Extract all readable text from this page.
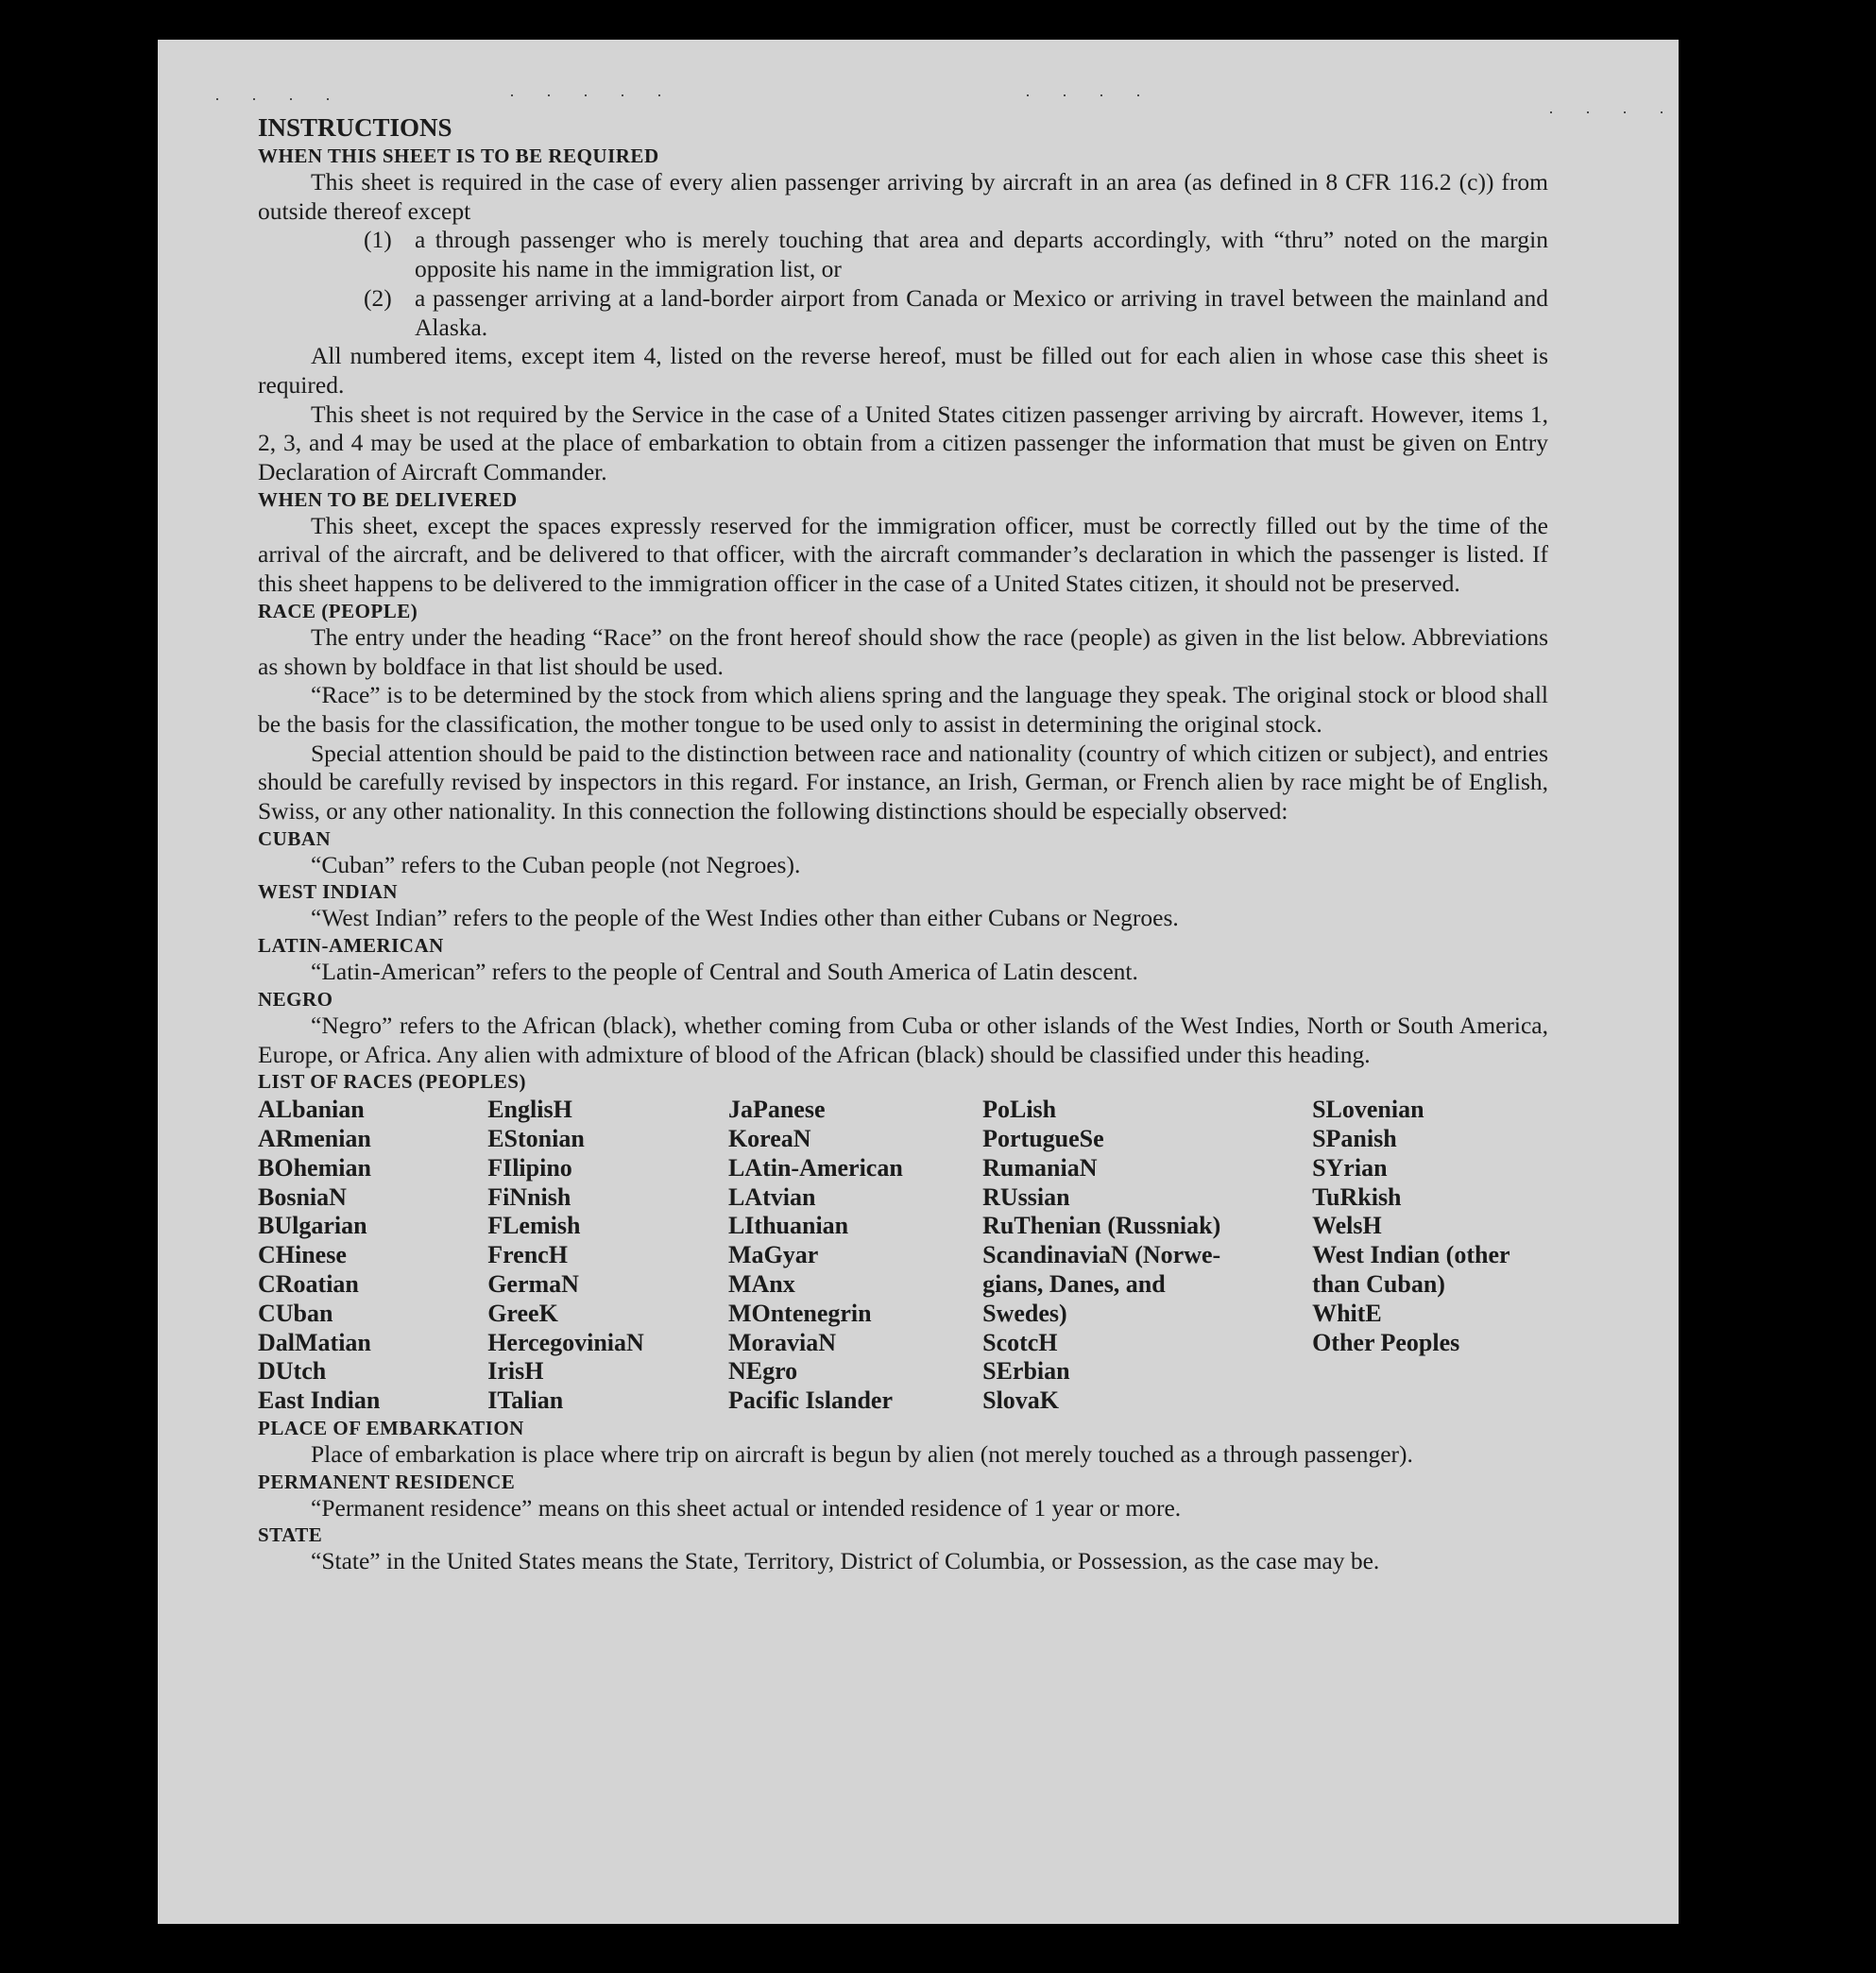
· · · ·	· · · · ·	· · · ·
· · · ·

INSTRUCTIONS

WHEN THIS SHEET IS TO BE REQUIRED

This sheet is required in the case of every alien passenger arriving by aircraft in an area (as defined in 8 CFR 116.2 (c)) from outside thereof except

(1) a through passenger who is merely touching that area and departs accordingly, with “thru” noted on the margin opposite his name in the immigration list, or
(2) a passenger arriving at a land-border airport from Canada or Mexico or arriving in travel between the mainland and Alaska.

All numbered items, except item 4, listed on the reverse hereof, must be filled out for each alien in whose case this sheet is required.

This sheet is not required by the Service in the case of a United States citizen passenger arriving by aircraft. However, items 1, 2, 3, and 4 may be used at the place of embarkation to obtain from a citizen passenger the information that must be given on Entry Declaration of Aircraft Commander.

WHEN TO BE DELIVERED

This sheet, except the spaces expressly reserved for the immigration officer, must be correctly filled out by the time of the arrival of the aircraft, and be delivered to that officer, with the aircraft commander’s declaration in which the passenger is listed. If this sheet happens to be delivered to the immigration officer in the case of a United States citizen, it should not be preserved.

RACE (PEOPLE)

The entry under the heading “Race” on the front hereof should show the race (people) as given in the list below. Abbreviations as shown by boldface in that list should be used.

“Race” is to be determined by the stock from which aliens spring and the language they speak. The original stock or blood shall be the basis for the classification, the mother tongue to be used only to assist in determining the original stock.

Special attention should be paid to the distinction between race and nationality (country of which citizen or subject), and entries should be carefully revised by inspectors in this regard. For instance, an Irish, German, or French alien by race might be of English, Swiss, or any other nationality. In this connection the following distinctions should be especially observed:

CUBAN

“Cuban” refers to the Cuban people (not Negroes).

WEST INDIAN

“West Indian” refers to the people of the West Indies other than either Cubans or Negroes.

LATIN-AMERICAN

“Latin-American” refers to the people of Central and South America of Latin descent.

NEGRO

“Negro” refers to the African (black), whether coming from Cuba or other islands of the West Indies, North or South America, Europe, or Africa. Any alien with admixture of blood of the African (black) should be classified under this heading.

LIST OF RACES (PEOPLES)

ALbanian
ARmenian
BOhemian
BosniaN
BUlgarian
CHinese
CRoatian
CUban
DalMatian
DUtch
East Indian
EnglisH
EStonian
FIlipino
FiNnish
FLemish
FrencH
GermaN
GreeK
HercegoviniaN
IrisH
ITalian
JaPanese
KoreaN
LAtin-American
LAtvian
LIthuanian
MaGyar
MAnx
MOntenegrin
MoraviaN
NEgro
Pacific Islander
PoLish
PortugueSe
RumaniaN
RUssian
RuThenian (Russniak)
ScandinaviaN (Norwe-
gians, Danes, and
Swedes)
ScotcH
SErbian
SlovaK
SLovenian
SPanish
SYrian
TuRkish
WelsH
West Indian (other
than Cuban)
WhitE
Other Peoples

PLACE OF EMBARKATION

Place of embarkation is place where trip on aircraft is begun by alien (not merely touched as a through passenger).

PERMANENT RESIDENCE

“Permanent residence” means on this sheet actual or intended residence of 1 year or more.

STATE

“State” in the United States means the State, Territory, District of Columbia, or Possession, as the case may be.
